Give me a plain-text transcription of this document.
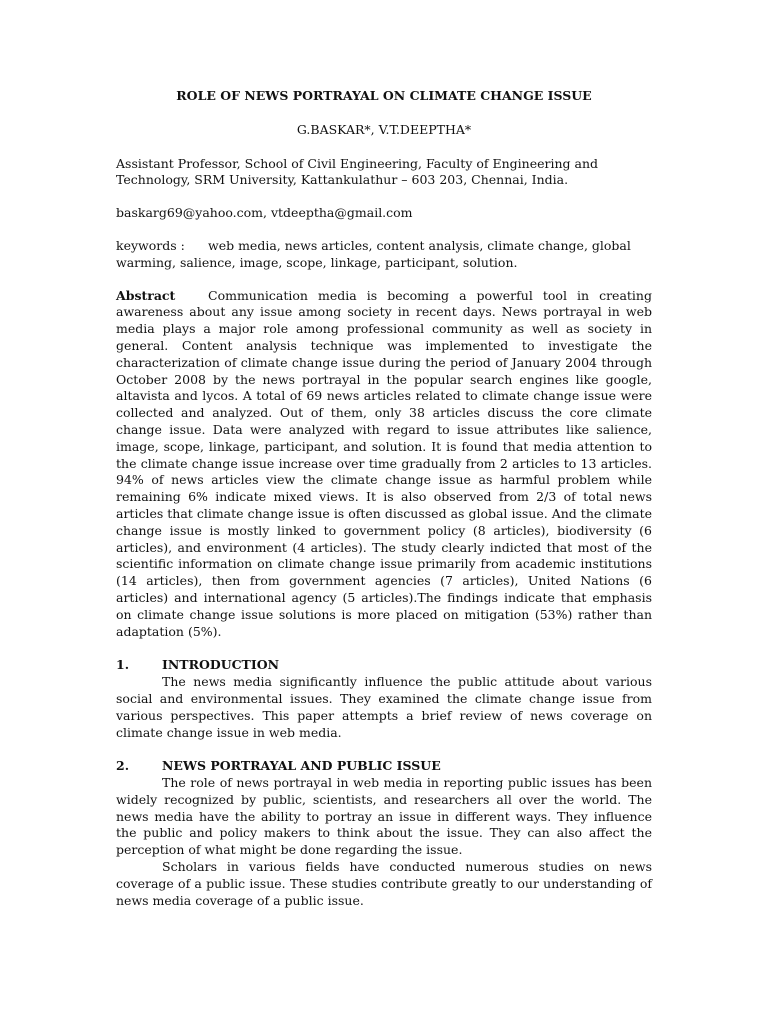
ROLE OF NEWS PORTRAYAL ON CLIMATE CHANGE ISSUE
G.BASKAR*, V.T.DEEPTHA*
Assistant Professor, School of Civil Engineering, Faculty of Engineering and Technology, SRM University, Kattankulathur – 603 203, Chennai, India.
baskarg69@yahoo.com, vtdeeptha@gmail.com
keywords : web media, news articles, content analysis, climate change, global warming, salience, image, scope, linkage, participant, solution.
Abstract	Communication media is becoming a powerful tool in creating awareness about any issue among society in recent days. News portrayal in web media plays a major role among professional community as well as society in general. Content analysis technique was implemented to investigate the characterization of climate change issue during the period of January 2004 through October 2008 by the news portrayal in the popular search engines like google, altavista and lycos. A total of 69 news articles related to climate change issue were collected and analyzed. Out of them, only 38 articles discuss the core climate change issue. Data were analyzed with regard to issue attributes like salience, image, scope, linkage, participant, and solution. It is found that media attention to the climate change issue increase over time gradually from 2 articles to 13 articles. 94% of news articles view the climate change issue as harmful problem while remaining 6% indicate mixed views. It is also observed from 2/3 of total news articles that climate change issue is often discussed as global issue. And the climate change issue is mostly linked to government policy (8 articles), biodiversity (6 articles), and environment (4 articles). The study clearly indicted that most of the scientific information on climate change issue primarily from academic institutions (14 articles), then from government agencies (7 articles), United Nations (6 articles) and international agency (5 articles).The findings indicate that emphasis on climate change issue solutions is more placed on mitigation (53%) rather than adaptation (5%).
1.	INTRODUCTION
The news media significantly influence the public attitude about various social and environmental issues. They examined the climate change issue from various perspectives. This paper attempts a brief review of news coverage on climate change issue in web media.
2.	NEWS PORTRAYAL AND PUBLIC ISSUE
The role of news portrayal in web media in reporting public issues has been widely recognized by public, scientists, and researchers all over the world. The news media have the ability to portray an issue in different ways. They influence the public and policy makers to think about the issue. They can also affect the perception of what might be done regarding the issue.
Scholars in various fields have conducted numerous studies on news coverage of a public issue. These studies contribute greatly to our understanding of news media coverage of a public issue.
